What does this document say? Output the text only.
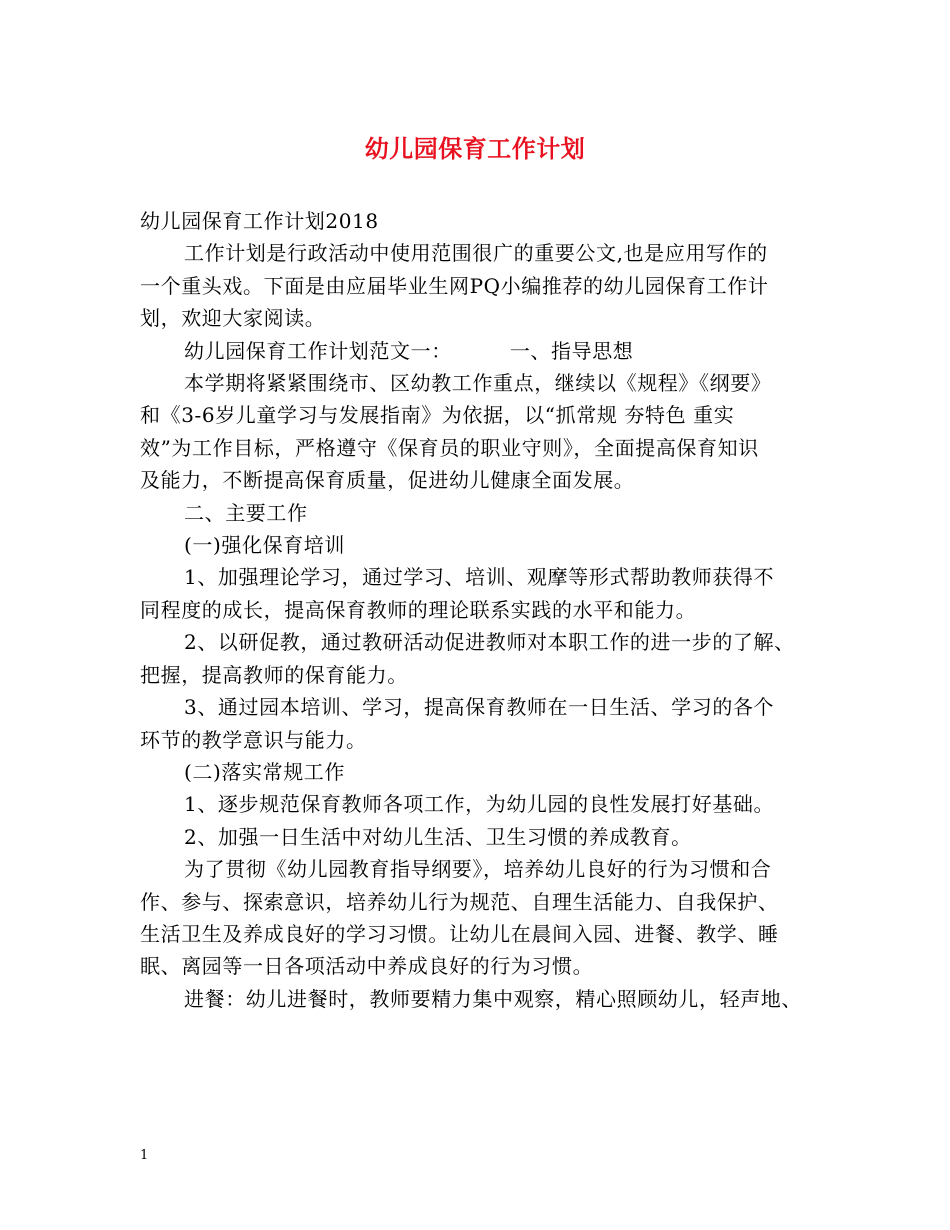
幼儿园保育工作计划
幼儿园保育工作计划2018
工作计划是行政活动中使用范围很广的重要公文,也是应用写作的
一个重头戏。下面是由应届毕业生网PQ小编推荐的幼儿园保育工作计
划，欢迎大家阅读。
幼儿园保育工作计划范文一：	一、指导思想
本学期将紧紧围绕市、区幼教工作重点，继续以《规程》《纲要》
和《3-6岁儿童学习与发展指南》为依据，以“抓常规 夯特色 重实
效”为工作目标，严格遵守《保育员的职业守则》，全面提高保育知识
及能力，不断提高保育质量，促进幼儿健康全面发展。
二、主要工作
(一)强化保育培训
1、加强理论学习，通过学习、培训、观摩等形式帮助教师获得不
同程度的成长，提高保育教师的理论联系实践的水平和能力。
2、以研促教，通过教研活动促进教师对本职工作的进一步的了解、
把握，提高教师的保育能力。
3、通过园本培训、学习，提高保育教师在一日生活、学习的各个
环节的教学意识与能力。
(二)落实常规工作
1、逐步规范保育教师各项工作，为幼儿园的良性发展打好基础。
2、加强一日生活中对幼儿生活、卫生习惯的养成教育。
为了贯彻《幼儿园教育指导纲要》，培养幼儿良好的行为习惯和合
作、参与、探索意识，培养幼儿行为规范、自理生活能力、自我保护、
生活卫生及养成良好的学习习惯。让幼儿在晨间入园、进餐、教学、睡
眠、离园等一日各项活动中养成良好的行为习惯。
进餐：幼儿进餐时，教师要精力集中观察，精心照顾幼儿，轻声地、
1
